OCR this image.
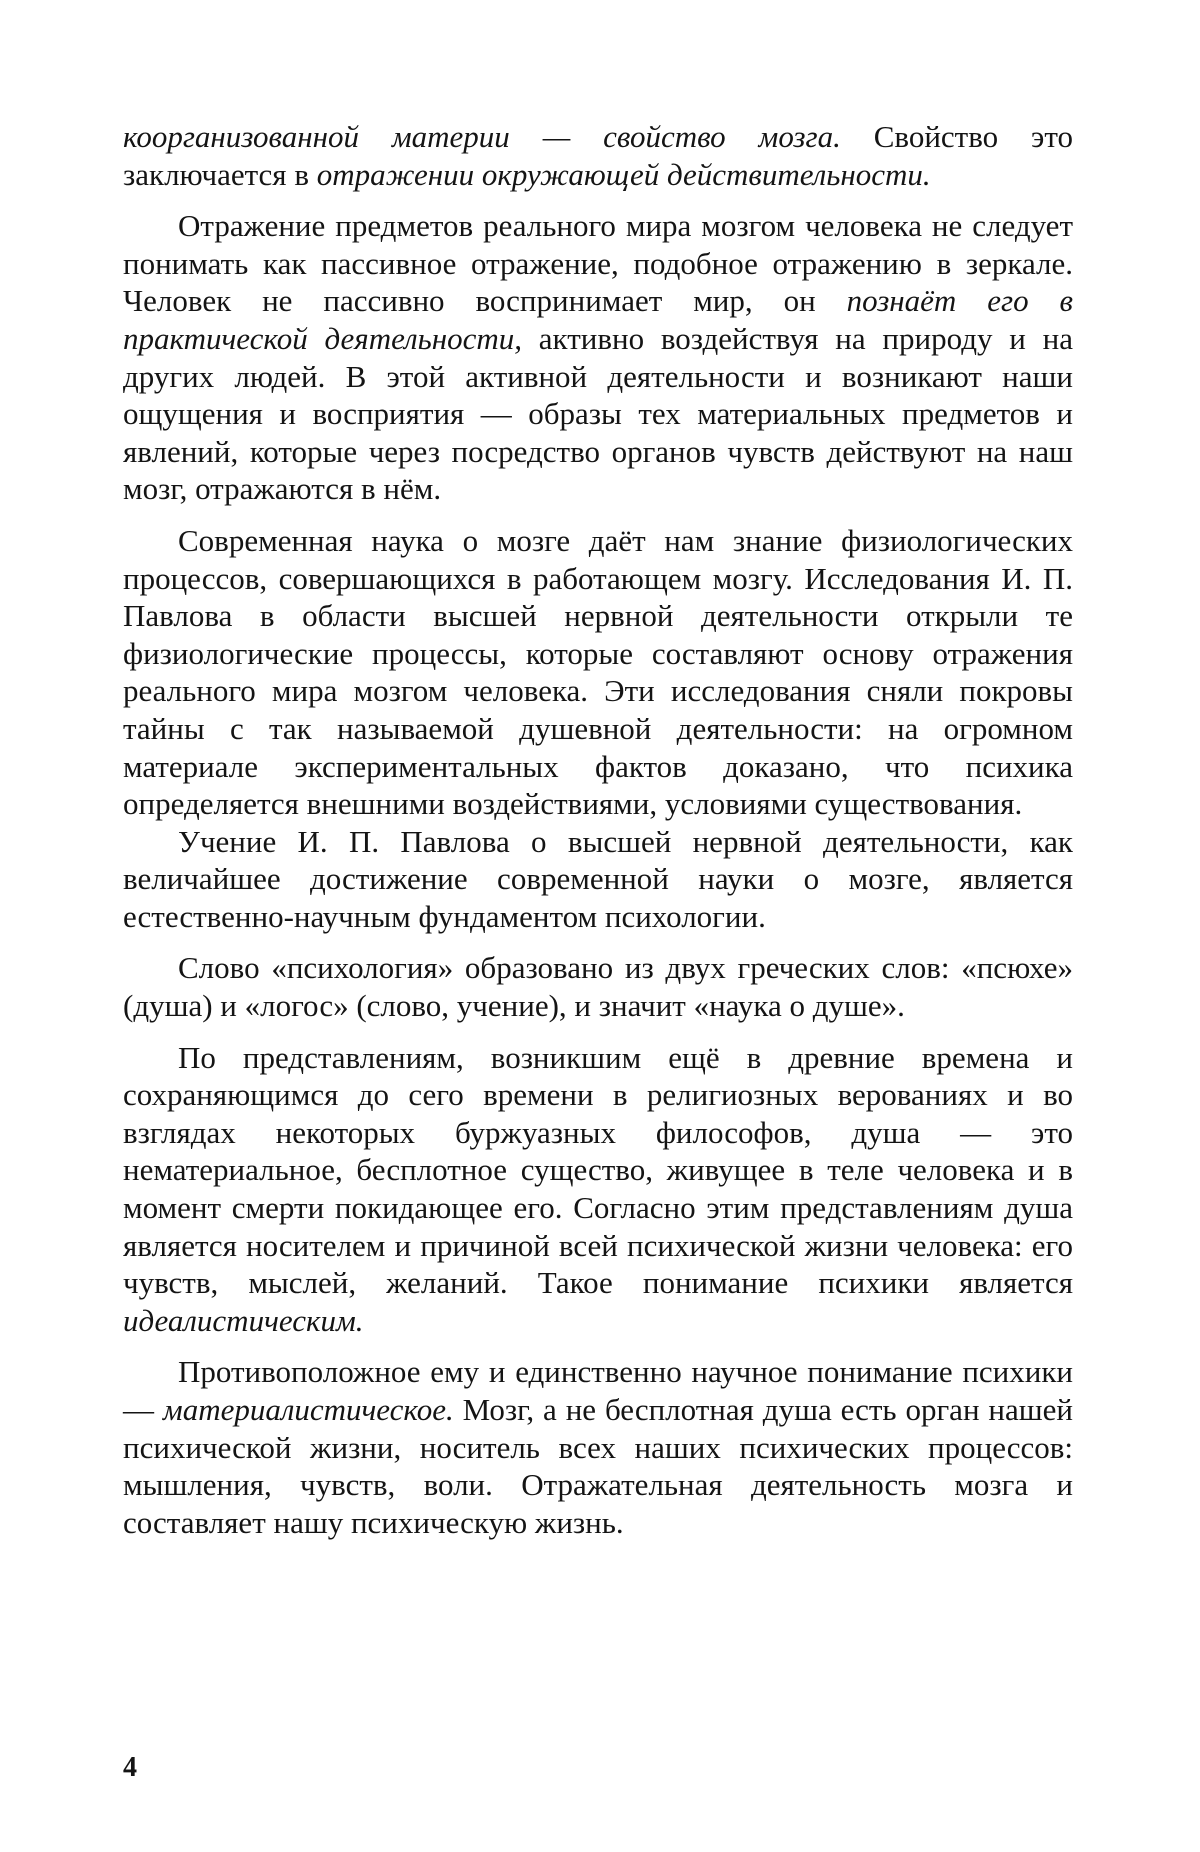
коорганизованной материи — свойство мозга. Свойство это заключается в отражении окружающей действительности.

Отражение предметов реального мира мозгом человека не следует понимать как пассивное отражение, подобное отражению в зеркале. Человек не пассивно воспринимает мир, он познаёт его в практической деятельности, активно воздействуя на природу и на других людей. В этой активной деятельности и возникают наши ощущения и восприятия — образы тех материальных предметов и явлений, которые через посредство органов чувств действуют на наш мозг, отражаются в нём.

Современная наука о мозге даёт нам знание физиологических процессов, совершающихся в работающем мозгу. Исследования И. П. Павлова в области высшей нервной деятельности открыли те физиологические процессы, которые составляют основу отражения реального мира мозгом человека. Эти исследования сняли покровы тайны с так называемой душевной деятельности: на огромном материале экспериментальных фактов доказано, что психика определяется внешними воздействиями, условиями существования.

Учение И. П. Павлова о высшей нервной деятельности, как величайшее достижение современной науки о мозге, является естественно-научным фундаментом психологии.

Слово «психология» образовано из двух греческих слов: «псюхе» (душа) и «логос» (слово, учение), и значит «наука о душе».

По представлениям, возникшим ещё в древние времена и сохраняющимся до сего времени в религиозных верованиях и во взглядах некоторых буржуазных философов, душа — это нематериальное, бесплотное существо, живущее в теле человека и в момент смерти покидающее его. Согласно этим представлениям душа является носителем и причиной всей психической жизни человека: его чувств, мыслей, желаний. Такое понимание психики является идеалистическим.

Противоположное ему и единственно научное понимание психики — материалистическое. Мозг, а не бесплотная душа есть орган нашей психической жизни, носитель всех наших психических процессов: мышления, чувств, воли. Отражательная деятельность мозга и составляет нашу психическую жизнь.

4
